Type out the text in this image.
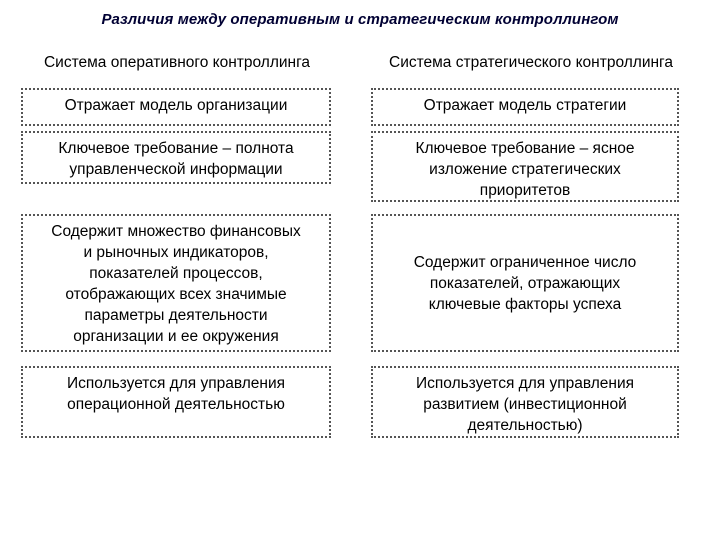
Различия между оперативным и стратегическим контроллингом
Система оперативного контроллинга	Система стратегического контроллинга
Отражает модель организации	Отражает модель стратегии
Ключевое требование – полнота
управленческой информации
Ключевое требование – ясное
изложение стратегических
приоритетов
Содержит множество финансовых
и рыночных индикаторов,
показателей процессов,
отображающих всех значимые
параметры деятельности
организации и ее окружения
Содержит ограниченное число
показателей, отражающих
ключевые факторы успеха
Используется для управления
операционной деятельностью
Используется для управления
развитием (инвестиционной
деятельностью)
